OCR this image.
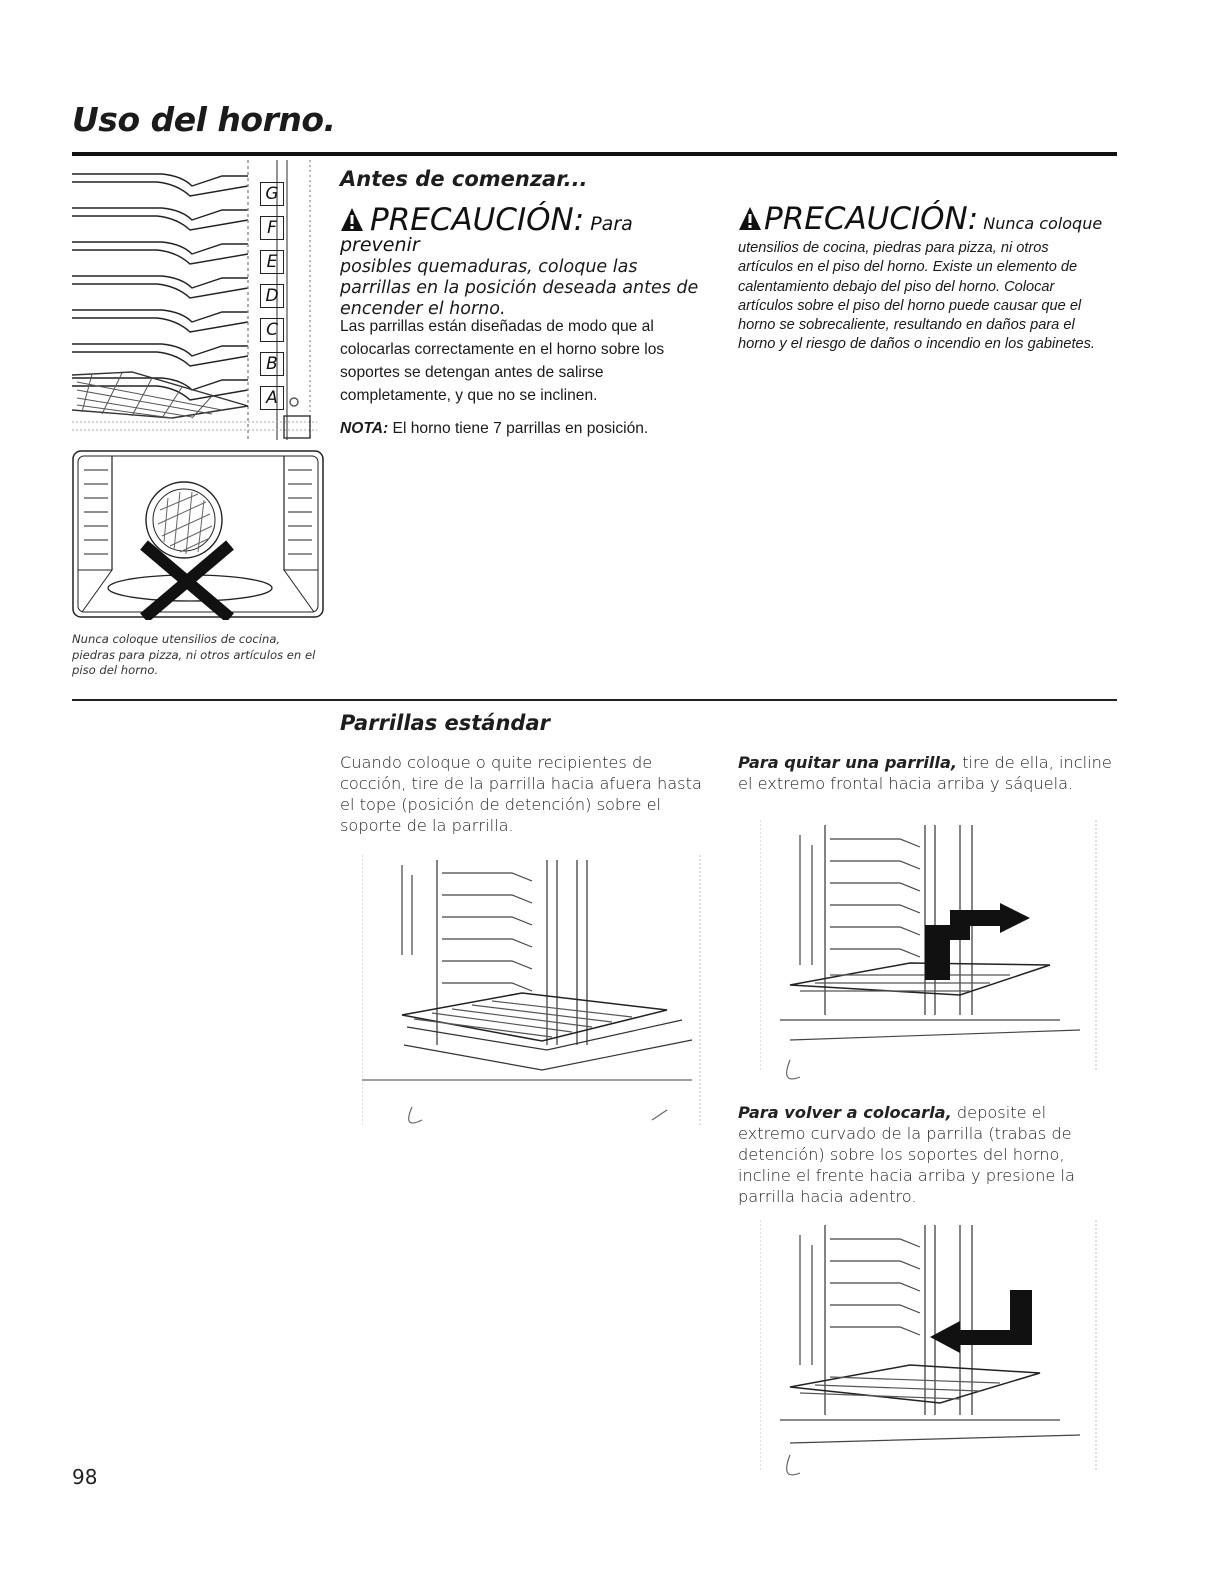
Uso del horno.
G
F
E
D
C
B
A
Nunca coloque utensilios de cocina, piedras para pizza, ni otros artículos en el piso del horno.
Antes de comenzar...
PRECAUCIÓN: Para prevenir
posibles quemaduras, coloque las parrillas en la posición deseada antes de encender el horno.
Las parrillas están diseñadas de modo que al colocarlas correctamente en el horno sobre los soportes se detengan antes de salirse completamente, y que no se inclinen.
NOTA: El horno tiene 7 parrillas en posición.
PRECAUCIÓN: Nunca coloque
utensilios de cocina, piedras para pizza, ni otros artículos en el piso del horno. Existe un elemento de calentamiento debajo del piso del horno. Colocar artículos sobre el piso del horno puede causar que el horno se sobrecaliente, resultando en daños para el horno y el riesgo de daños o incendio en los gabinetes.
Parrillas estándar
Cuando coloque o quite recipientes de cocción, tire de la parrilla hacia afuera hasta el tope (posición de detención) sobre el soporte de la parrilla.
Para quitar una parrilla, tire de ella, incline el extremo frontal hacia arriba y sáquela.
Para volver a colocarla, deposite el extremo curvado de la parrilla (trabas de detención) sobre los soportes del horno, incline el frente hacia arriba y presione la parrilla hacia adentro.
98
